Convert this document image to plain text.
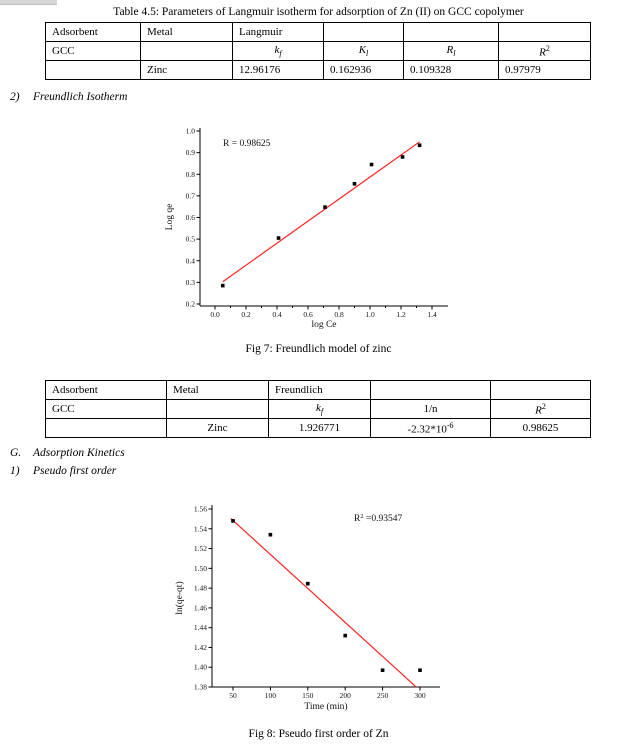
Table 4.5: Parameters of Langmuir isotherm for adsorption of Zn (II) on GCC copolymer
Adsorbent	Metal	Langmuir			
GCC		$k_f$	$K_l$	$R_l$	$R^2$
	Zinc	12.96176	0.162936	0.109328	0.97979
2)	Freundlich Isotherm
0.0	0.2	0.4	0.6	0.8	1.0	1.2	1.4
1.0
0.9
0.8
0.7
0.6
0.5
0.4
0.3
0.2
log Ce
Log qe
R = 0.98625
Fig 7: Freundlich model of zinc
Adsorbent	Metal	Freundlich		
GCC		$k_f$	1/n	$R^2$
	Zinc	1.926771	$-2.32*10^{-6}$	0.98625
G.	Adsorption Kinetics
1)	Pseudo first order
50	100	150	200	250	300
1.56
1.54
1.52
1.50
1.48
1.46
1.44
1.42
1.40
1.38
Time (min)
ln(qe-qt)
$R^2 =0.93547$
Fig 8: Pseudo first order of Zn
